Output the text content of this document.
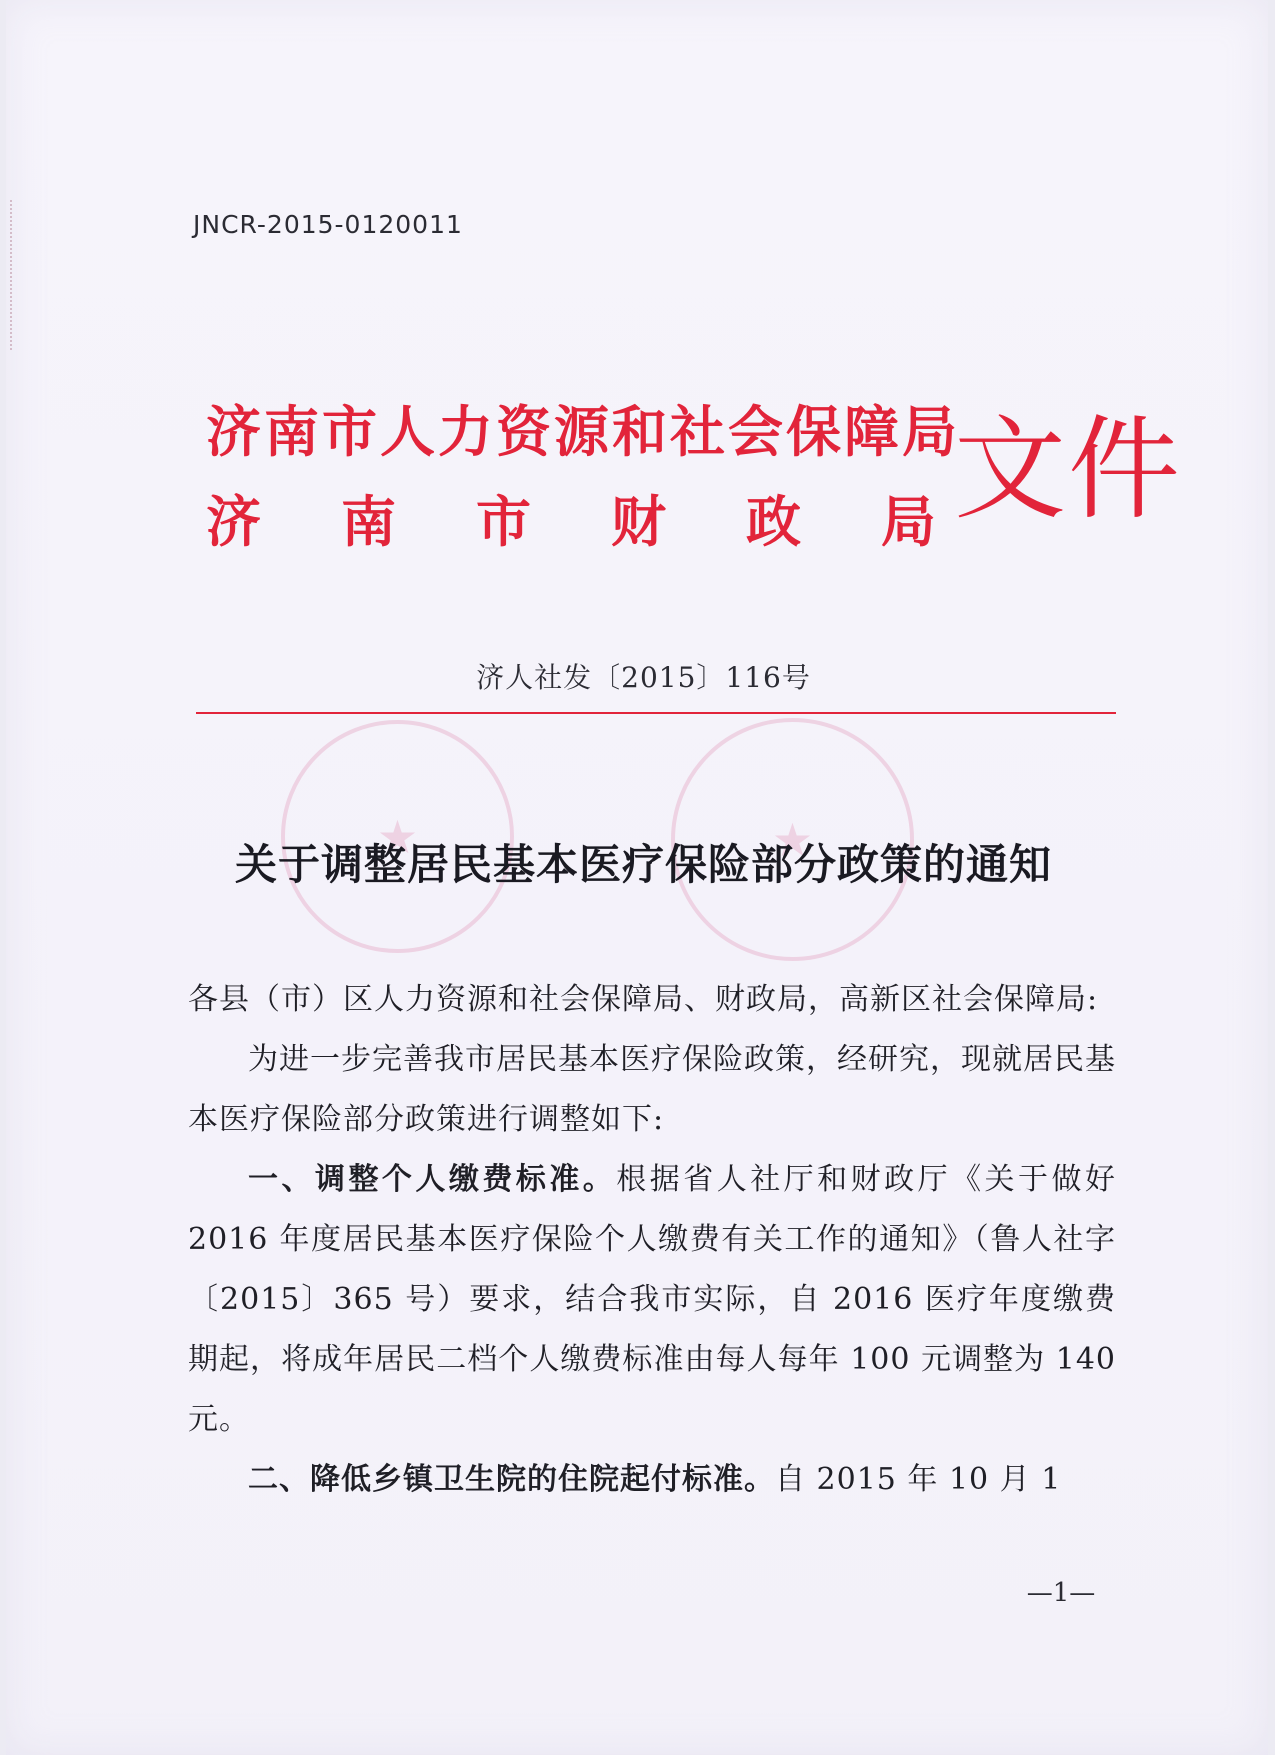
★
★
JNCR-2015-0120011
济南市人力资源和社会保障局
济 南 市 财 政 局 文件
济人社发〔2015〕116号
关于调整居民基本医疗保险部分政策的通知

各县（市）区人力资源和社会保障局、财政局，高新区社会保障局:

为进一步完善我市居民基本医疗保险政策，经研究，现就居民基本医疗保险部分政策进行调整如下:

一、调整个人缴费标准。根据省人社厅和财政厅《关于做好 2016 年度居民基本医疗保险个人缴费有关工作的通知》（鲁人社字〔2015〕365 号）要求，结合我市实际，自 2016 医疗年度缴费期起，将成年居民二档个人缴费标准由每人每年 100 元调整为 140 元。

二、降低乡镇卫生院的住院起付标准。自 2015 年 10 月 1

—1—
